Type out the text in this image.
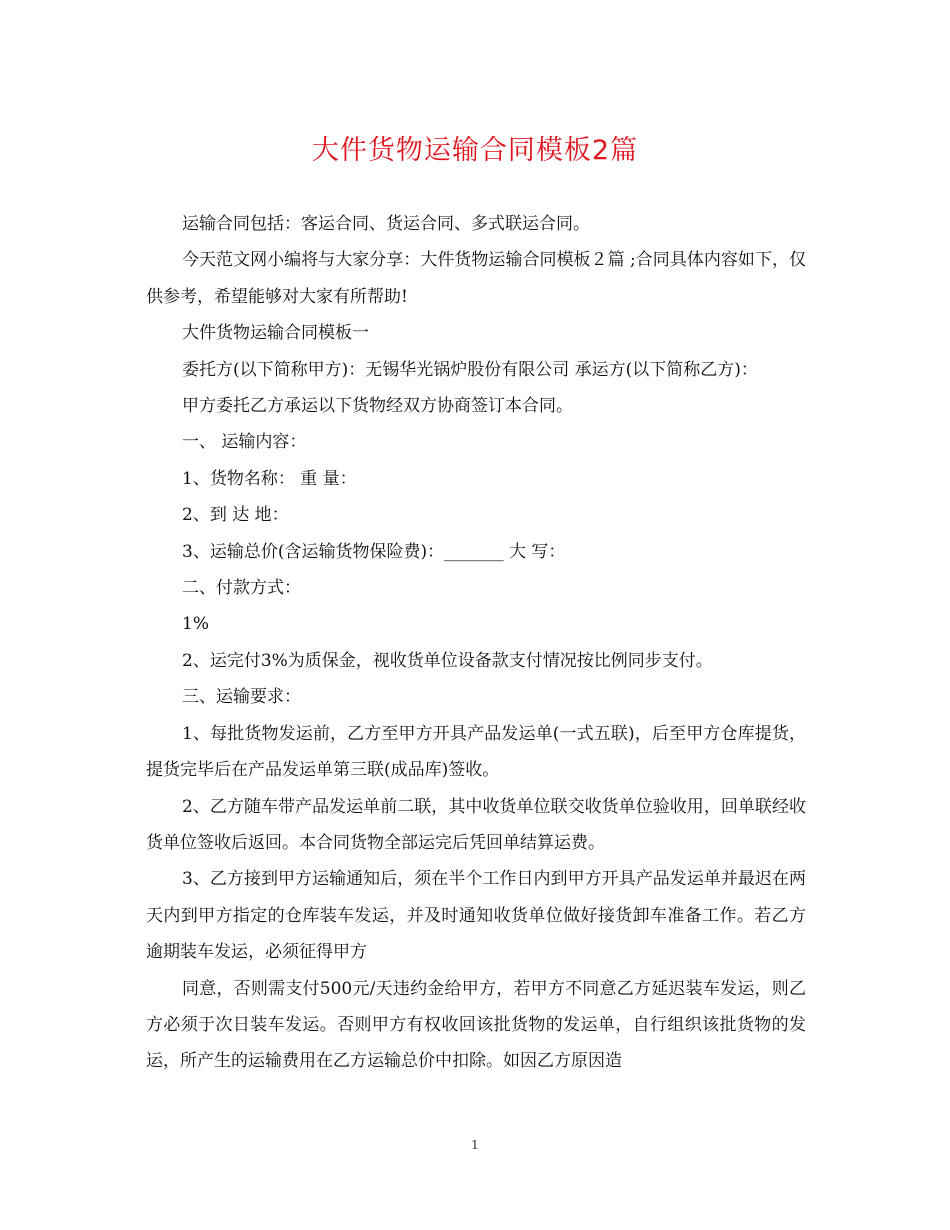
大件货物运输合同模板2篇

运输合同包括：客运合同、货运合同、多式联运合同。

今天范文网小编将与大家分享：大件货物运输合同模板２篇 ;合同具体内容如下，仅供参考，希望能够对大家有所帮助!

大件货物运输合同模板一

委托方(以下简称甲方)：无锡华光锅炉股份有限公司 承运方(以下简称乙方)：

甲方委托乙方承运以下货物经双方协商签订本合同。

一、 运输内容：

1、货物名称： 重 量：

2、到 达 地：

3、运输总价(含运输货物保险费)：_______ 大 写：

二、付款方式：

1%

2、运完付3%为质保金，视收货单位设备款支付情况按比例同步支付。

三、运输要求：

1、每批货物发运前，乙方至甲方开具产品发运单(一式五联)，后至甲方仓库提货，提货完毕后在产品发运单第三联(成品库)签收。

2、乙方随车带产品发运单前二联，其中收货单位联交收货单位验收用，回单联经收货单位签收后返回。本合同货物全部运完后凭回单结算运费。

3、乙方接到甲方运输通知后，须在半个工作日内到甲方开具产品发运单并最迟在两天内到甲方指定的仓库装车发运，并及时通知收货单位做好接货卸车准备工作。若乙方逾期装车发运，必须征得甲方

同意，否则需支付500元/天违约金给甲方，若甲方不同意乙方延迟装车发运，则乙方必须于次日装车发运。否则甲方有权收回该批货物的发运单，自行组织该批货物的发运，所产生的运输费用在乙方运输总价中扣除。如因乙方原因造

1
